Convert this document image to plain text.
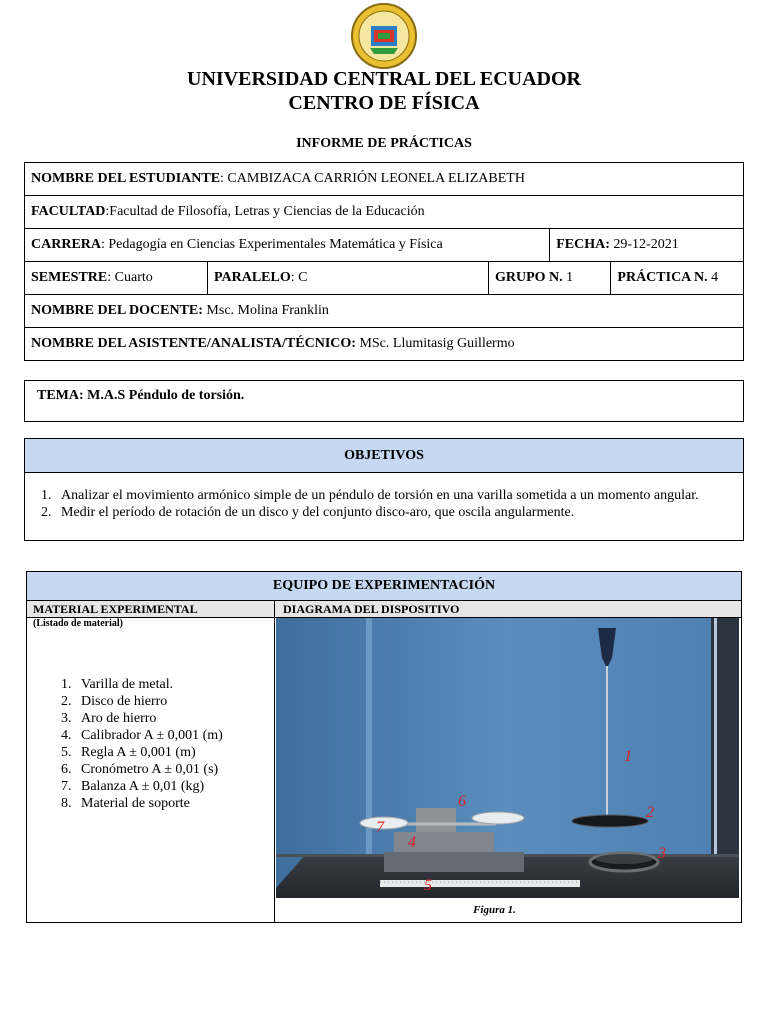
UNIVERSIDAD CENTRAL DEL ECUADOR
CENTRO DE FÍSICA
INFORME DE PRÁCTICAS
NOMBRE DEL ESTUDIANTE: CAMBIZACA CARRIÓN LEONELA ELIZABETH				
FACULTAD:Facultad de Filosofía, Letras y Ciencias de la Educación				
CARRERA: Pedagogía en Ciencias Experimentales Matemática y Física			FECHA: 29-12-2021	
SEMESTRE: Cuarto	PARALELO: C	GRUPO N. 1		PRÁCTICA N. 4
NOMBRE DEL DOCENTE: Msc. Molina Franklin				
NOMBRE DEL ASISTENTE/ANALISTA/TÉCNICO: MSc. Llumitasig Guillermo				
TEMA: M.A.S Péndulo de torsión.
OBJETIVOS
1. Analizar el movimiento armónico simple de un péndulo de torsión en una varilla sometida a un momento angular.
2. Medir el período de rotación de un disco y del conjunto disco-aro, que oscila angularmente.
EQUIPO DE EXPERIMENTACIÓN
MATERIAL EXPERIMENTAL	DIAGRAMA DEL DISPOSITIVO
(Listado de material)
1. Varilla de metal.
2. Disco de hierro
3. Aro de hierro
4. Calibrador A ± 0,001 (m)
5. Regla A ± 0,001 (m)
6. Cronómetro A ± 0,01 (s)
7. Balanza A ± 0,01 (kg)
8. Material de soporte
1
2
3
4
5
6
7
Figura 1.
